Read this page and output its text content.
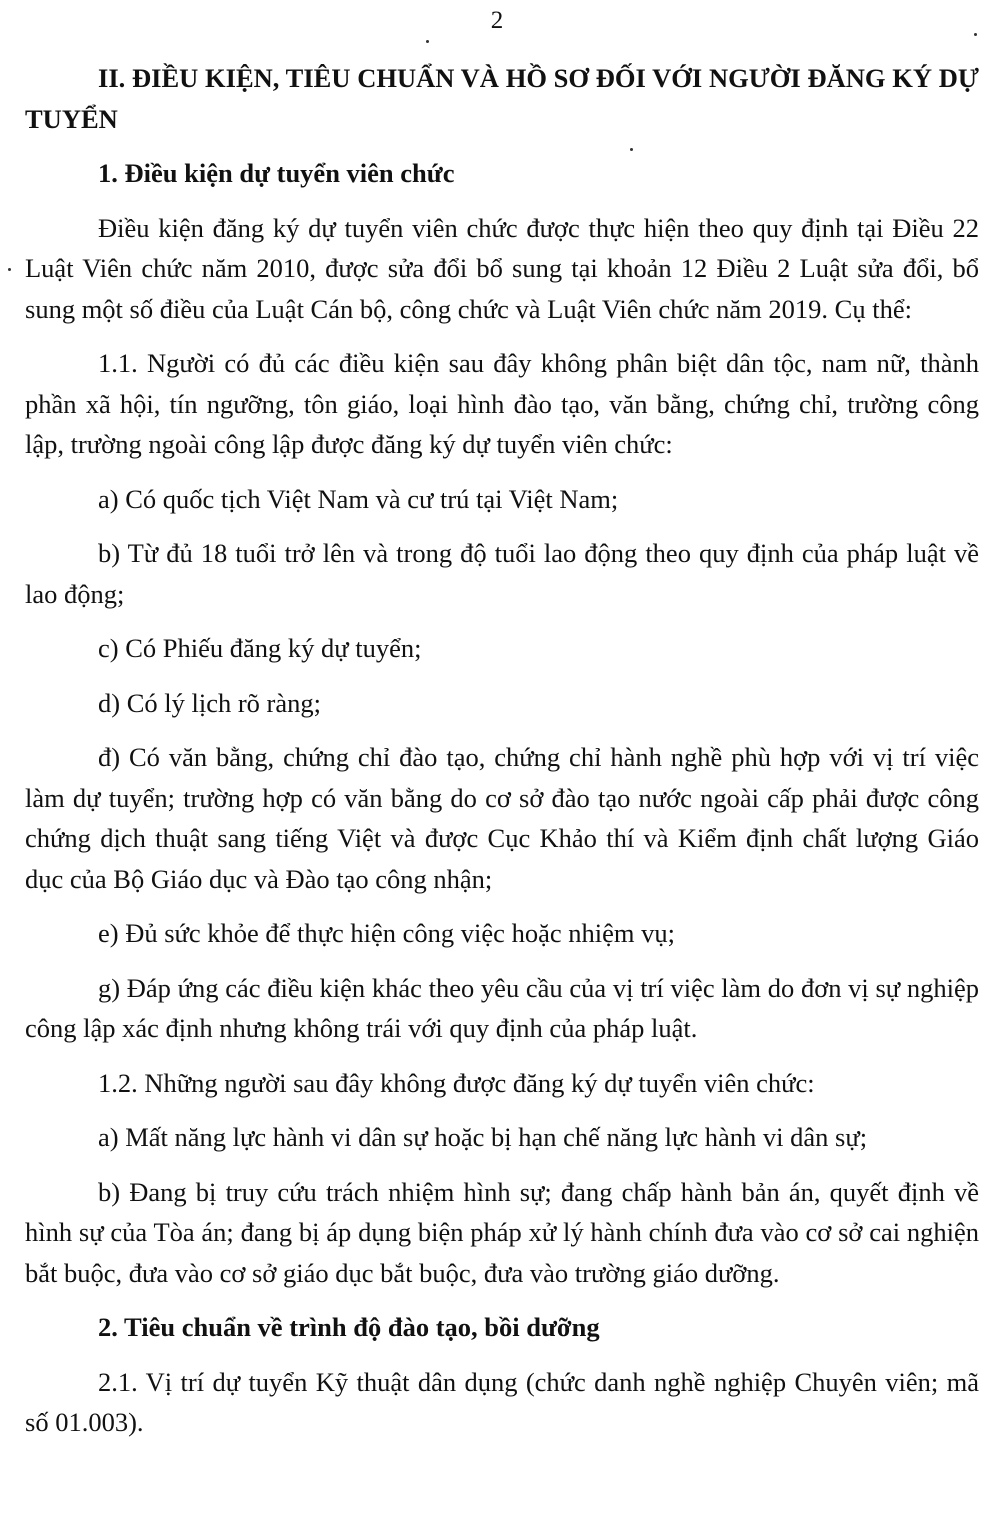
2

II. ĐIỀU KIỆN, TIÊU CHUẨN VÀ HỒ SƠ ĐỐI VỚI NGƯỜI ĐĂNG KÝ DỰ TUYỂN

1. Điều kiện dự tuyển viên chức

Điều kiện đăng ký dự tuyển viên chức được thực hiện theo quy định tại Điều 22 Luật Viên chức năm 2010, được sửa đổi bổ sung tại khoản 12 Điều 2 Luật sửa đổi, bổ sung một số điều của Luật Cán bộ, công chức và Luật Viên chức năm 2019. Cụ thể:

1.1. Người có đủ các điều kiện sau đây không phân biệt dân tộc, nam nữ, thành phần xã hội, tín ngưỡng, tôn giáo, loại hình đào tạo, văn bằng, chứng chỉ, trường công lập, trường ngoài công lập được đăng ký dự tuyển viên chức:

a) Có quốc tịch Việt Nam và cư trú tại Việt Nam;

b) Từ đủ 18 tuổi trở lên và trong độ tuổi lao động theo quy định của pháp luật về lao động;

c) Có Phiếu đăng ký dự tuyển;

d) Có lý lịch rõ ràng;

đ) Có văn bằng, chứng chỉ đào tạo, chứng chỉ hành nghề phù hợp với vị trí việc làm dự tuyển; trường hợp có văn bằng do cơ sở đào tạo nước ngoài cấp phải được công chứng dịch thuật sang tiếng Việt và được Cục Khảo thí và Kiểm định chất lượng Giáo dục của Bộ Giáo dục và Đào tạo công nhận;

e) Đủ sức khỏe để thực hiện công việc hoặc nhiệm vụ;

g) Đáp ứng các điều kiện khác theo yêu cầu của vị trí việc làm do đơn vị sự nghiệp công lập xác định nhưng không trái với quy định của pháp luật.

1.2. Những người sau đây không được đăng ký dự tuyển viên chức:

a) Mất năng lực hành vi dân sự hoặc bị hạn chế năng lực hành vi dân sự;

b) Đang bị truy cứu trách nhiệm hình sự; đang chấp hành bản án, quyết định về hình sự của Tòa án; đang bị áp dụng biện pháp xử lý hành chính đưa vào cơ sở cai nghiện bắt buộc, đưa vào cơ sở giáo dục bắt buộc, đưa vào trường giáo dưỡng.

2. Tiêu chuẩn về trình độ đào tạo, bồi dưỡng

2.1. Vị trí dự tuyển Kỹ thuật dân dụng (chức danh nghề nghiệp Chuyên viên; mã số 01.003).
